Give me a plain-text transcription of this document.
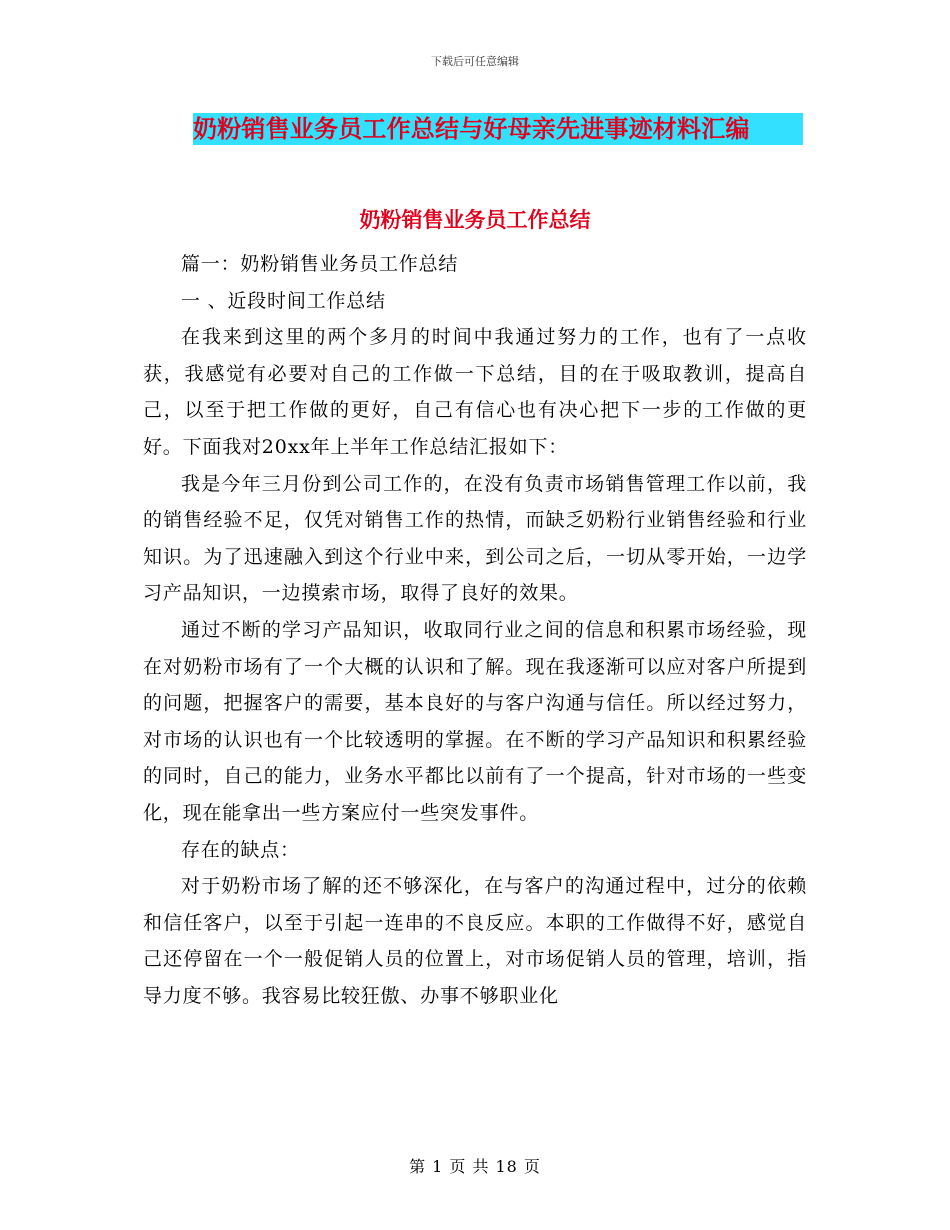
下载后可任意编辑
奶粉销售业务员工作总结与好母亲先进事迹材料汇编
奶粉销售业务员工作总结

篇一：奶粉销售业务员工作总结

一 、近段时间工作总结

在我来到这里的两个多月的时间中我通过努力的工作，也有了一点收获，我感觉有必要对自己的工作做一下总结，目的在于吸取教训，提高自己，以至于把工作做的更好，自己有信心也有决心把下一步的工作做的更好。下面我对20xx年上半年工作总结汇报如下：

我是今年三月份到公司工作的，在没有负责市场销售管理工作以前，我的销售经验不足，仅凭对销售工作的热情，而缺乏奶粉行业销售经验和行业知识。为了迅速融入到这个行业中来，到公司之后，一切从零开始，一边学习产品知识，一边摸索市场，取得了良好的效果。

通过不断的学习产品知识，收取同行业之间的信息和积累市场经验，现在对奶粉市场有了一个大概的认识和了解。现在我逐渐可以应对客户所提到的问题，把握客户的需要，基本良好的与客户沟通与信任。所以经过努力，对市场的认识也有一个比较透明的掌握。在不断的学习产品知识和积累经验的同时，自己的能力，业务水平都比以前有了一个提高，针对市场的一些变化，现在能拿出一些方案应付一些突发事件。

存在的缺点：

对于奶粉市场了解的还不够深化，在与客户的沟通过程中，过分的依赖和信任客户，以至于引起一连串的不良反应。本职的工作做得不好，感觉自己还停留在一个一般促销人员的位置上，对市场促销人员的管理，培训，指导力度不够。我容易比较狂傲、办事不够职业化

第 1 页 共 18 页
